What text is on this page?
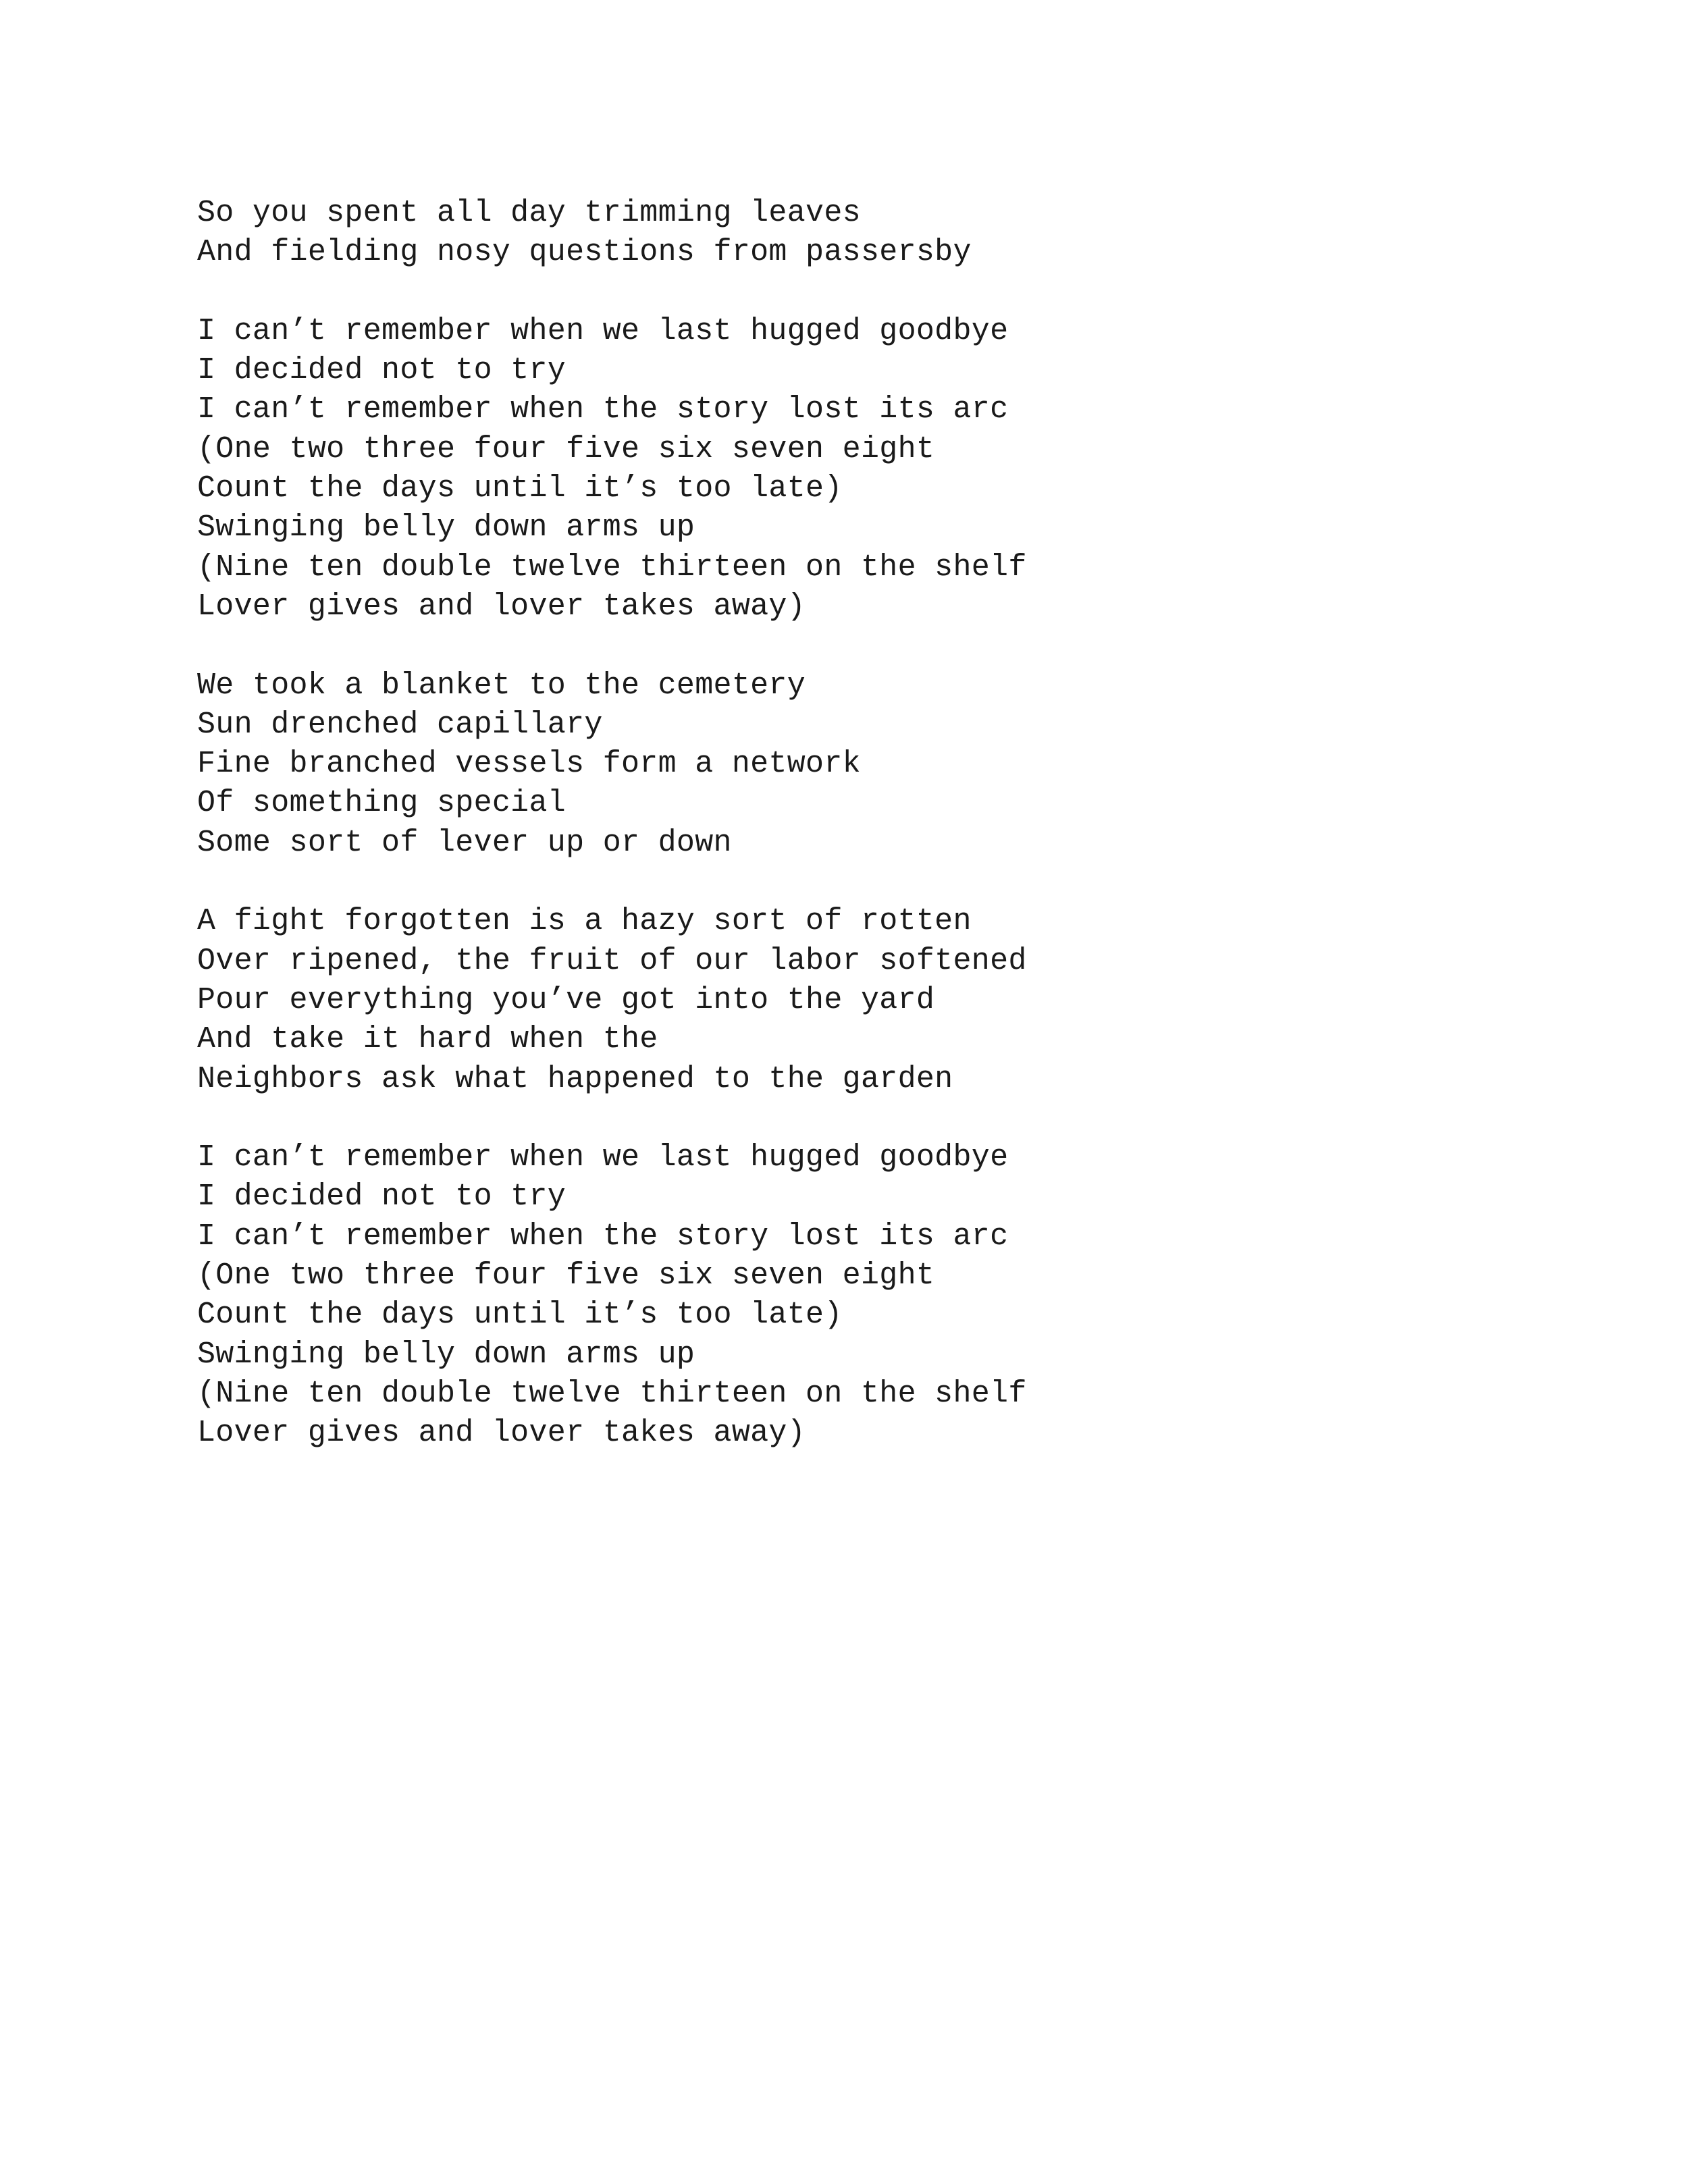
So you spent all day trimming leaves
And fielding nosy questions from passersby
I can’t remember when we last hugged goodbye
I decided not to try
I can’t remember when the story lost its arc
(One two three four five six seven eight
Count the days until it’s too late)
Swinging belly down arms up
(Nine ten double twelve thirteen on the shelf
Lover gives and lover takes away)
We took a blanket to the cemetery
Sun drenched capillary
Fine branched vessels form a network
Of something special
Some sort of lever up or down
A fight forgotten is a hazy sort of rotten
Over ripened, the fruit of our labor softened
Pour everything you’ve got into the yard
And take it hard when the
Neighbors ask what happened to the garden
I can’t remember when we last hugged goodbye
I decided not to try
I can’t remember when the story lost its arc
(One two three four five six seven eight
Count the days until it’s too late)
Swinging belly down arms up
(Nine ten double twelve thirteen on the shelf
Lover gives and lover takes away)
